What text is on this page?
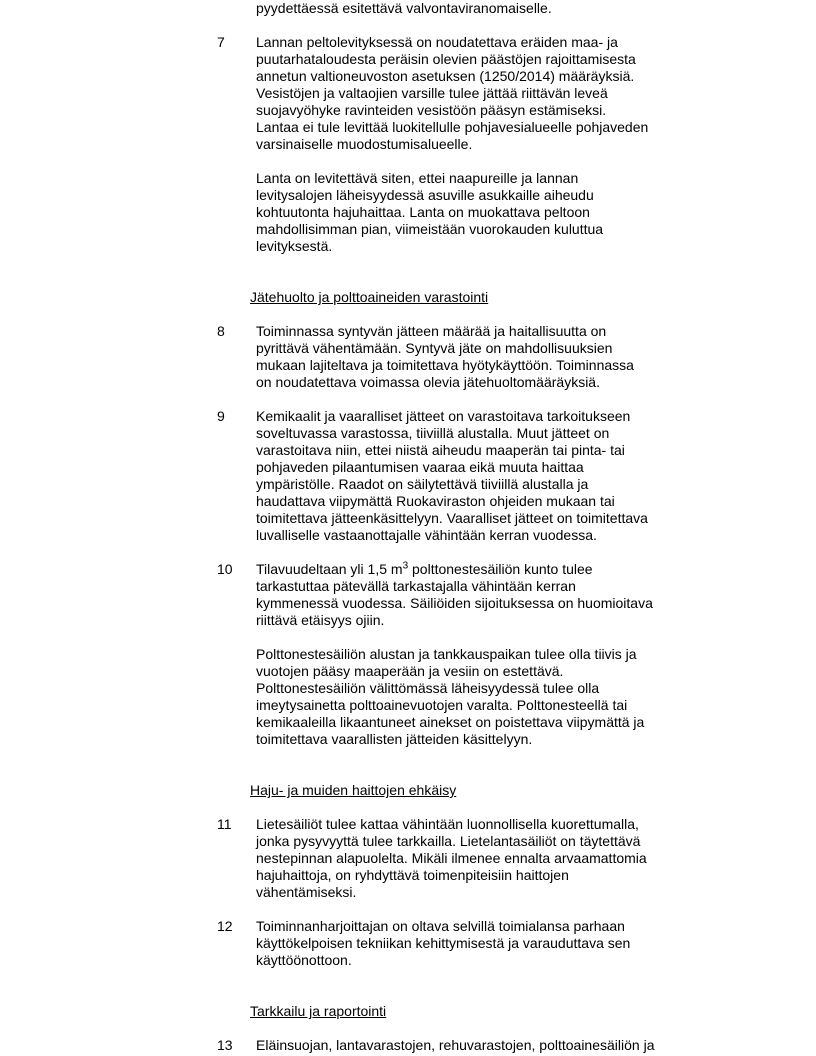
pyydettäessä esitettävä valvontaviranomaiselle.
7 Lannan peltolevityksessä on noudatettava eräiden maa- ja
puutarhataloudesta peräisin olevien päästöjen rajoittamisesta
annetun valtioneuvoston asetuksen (1250/2014) määräyksiä.
Vesistöjen ja valtaojien varsille tulee jättää riittävän leveä
suojavyöhyke ravinteiden vesistöön pääsyn estämiseksi.
Lantaa ei tule levittää luokitellulle pohjavesialueelle pohjaveden
varsinaiselle muodostumisalueelle.
Lanta on levitettävä siten, ettei naapureille ja lannan
levitysalojen läheisyydessä asuville asukkaille aiheudu
kohtuutonta hajuhaittaa. Lanta on muokattava peltoon
mahdollisimman pian, viimeistään vuorokauden kuluttua
levityksestä.
Jätehuolto ja polttoaineiden varastointi
8 Toiminnassa syntyvän jätteen määrää ja haitallisuutta on
pyrittävä vähentämään. Syntyvä jäte on mahdollisuuksien
mukaan lajiteltava ja toimitettava hyötykäyttöön. Toiminnassa
on noudatettava voimassa olevia jätehuoltomääräyksiä.
9 Kemikaalit ja vaaralliset jätteet on varastoitava tarkoitukseen
soveltuvassa varastossa, tiiviillä alustalla. Muut jätteet on
varastoitava niin, ettei niistä aiheudu maaperän tai pinta- tai
pohjaveden pilaantumisen vaaraa eikä muuta haittaa
ympäristölle. Raadot on säilytettävä tiiviillä alustalla ja
haudattava viipymättä Ruokaviraston ohjeiden mukaan tai
toimitettava jätteenkäsittelyyn. Vaaralliset jätteet on toimitettava
luvalliselle vastaanottajalle vähintään kerran vuodessa.
10 Tilavuudeltaan yli 1,5 $m^3$ polttonestesäiliön kunto tulee
tarkastuttaa pätevällä tarkastajalla vähintään kerran
kymmenessä vuodessa. Säiliöiden sijoituksessa on huomioitava
riittävä etäisyys ojiin.
Polttonestesäiliön alustan ja tankkauspaikan tulee olla tiivis ja
vuotojen pääsy maaperään ja vesiin on estettävä.
Polttonestesäiliön välittömässä läheisyydessä tulee olla
imeytysainetta polttoainevuotojen varalta. Polttonesteellä tai
kemikaaleilla likaantuneet ainekset on poistettava viipymättä ja
toimitettava vaarallisten jätteiden käsittelyyn.
Haju- ja muiden haittojen ehkäisy
11 Lietesäiliöt tulee kattaa vähintään luonnollisella kuorettumalla,
jonka pysyvyyttä tulee tarkkailla. Lietelantasäiliöt on täytettävä
nestepinnan alapuolelta. Mikäli ilmenee ennalta arvaamattomia
hajuhaittoja, on ryhdyttävä toimenpiteisiin haittojen
vähentämiseksi.
12 Toiminnanharjoittajan on oltava selvillä toimialansa parhaan
käyttökelpoisen tekniikan kehittymisestä ja varauduttava sen
käyttöönottoon.
Tarkkailu ja raportointi
13 Eläinsuojan, lantavarastojen, rehuvarastojen, polttoainesäiliön ja
